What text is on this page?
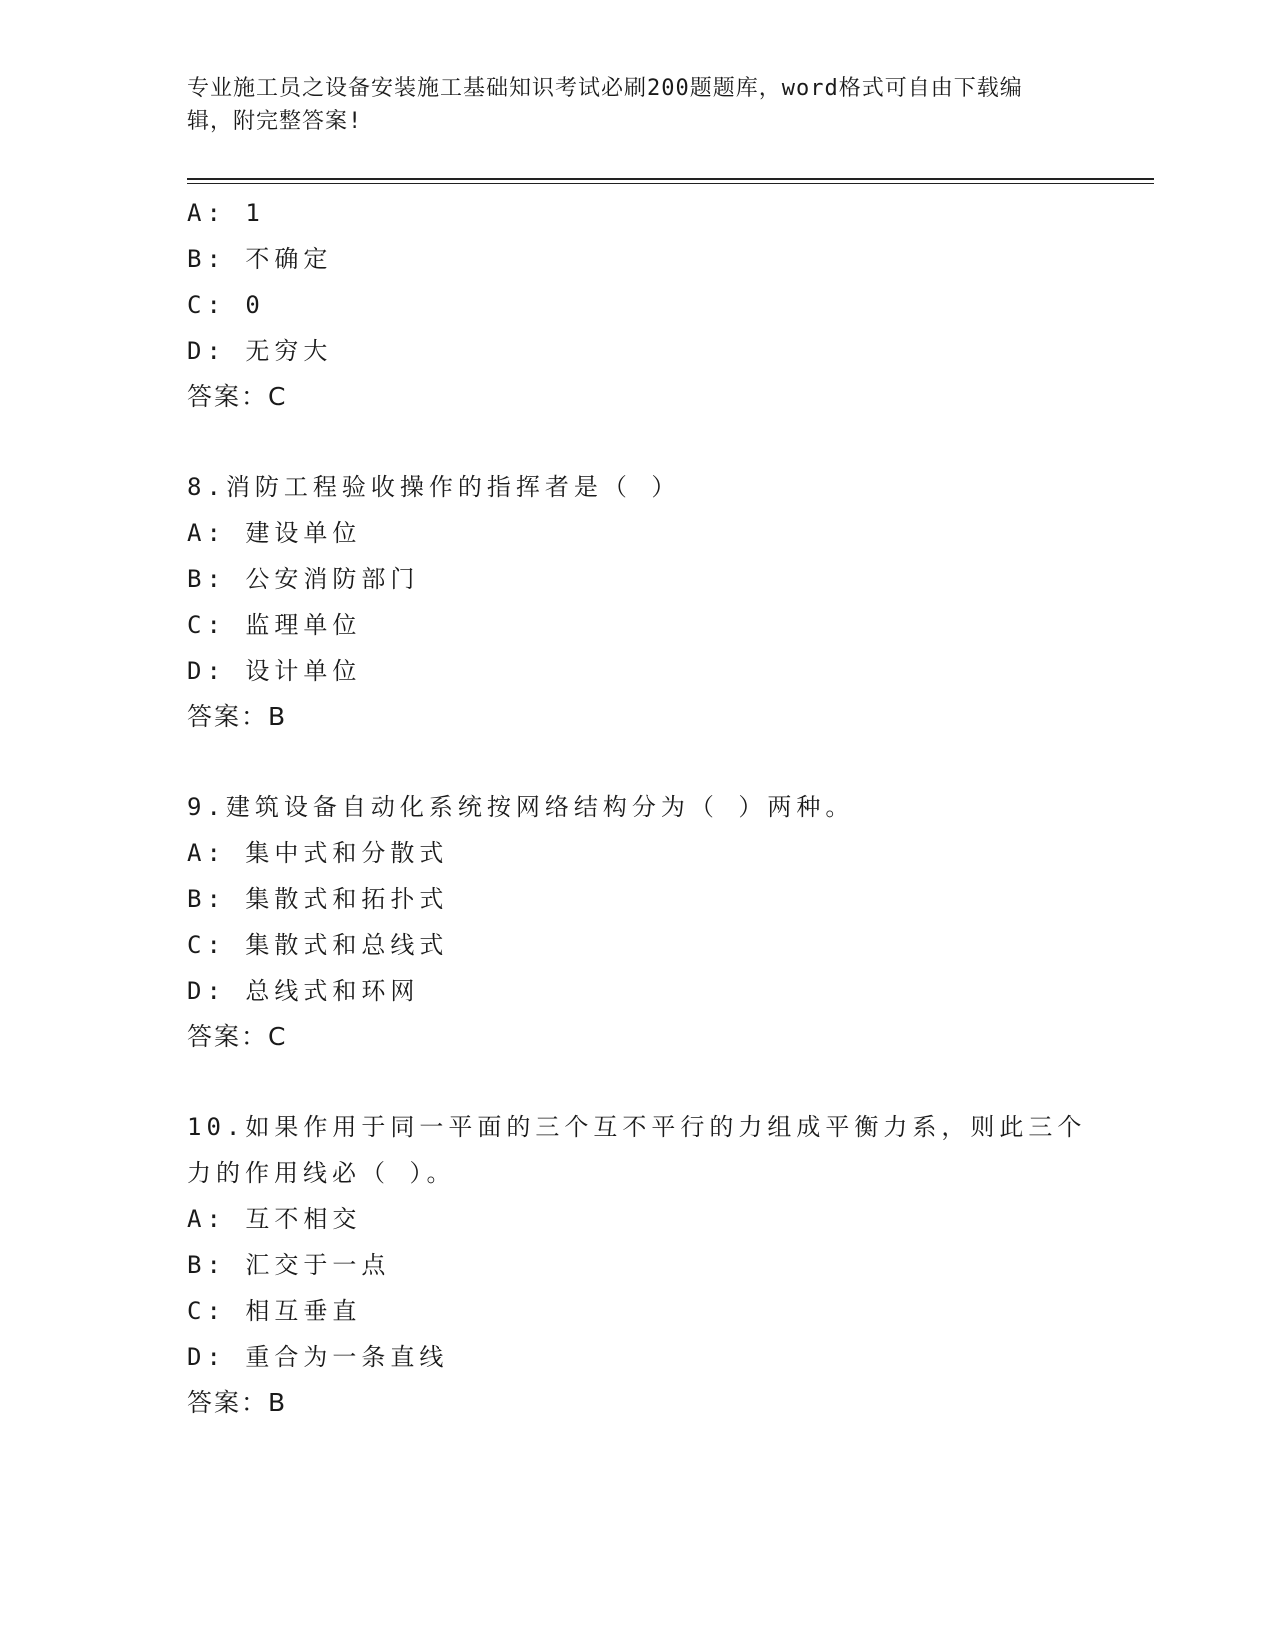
专业施工员之设备安装施工基础知识考试必刷200题题库，word格式可自由下载编辑，附完整答案!
A: 1
B: 不确定
C: 0
D: 无穷大
答案：C
8.消防工程验收操作的指挥者是（ ）
A: 建设单位
B: 公安消防部门
C: 监理单位
D: 设计单位
答案：B
9.建筑设备自动化系统按网络结构分为（ ）两种。
A: 集中式和分散式
B: 集散式和拓扑式
C: 集散式和总线式
D: 总线式和环网
答案：C
10.如果作用于同一平面的三个互不平行的力组成平衡力系，则此三个
力的作用线必（ ）。
A: 互不相交
B: 汇交于一点
C: 相互垂直
D: 重合为一条直线
答案：B
